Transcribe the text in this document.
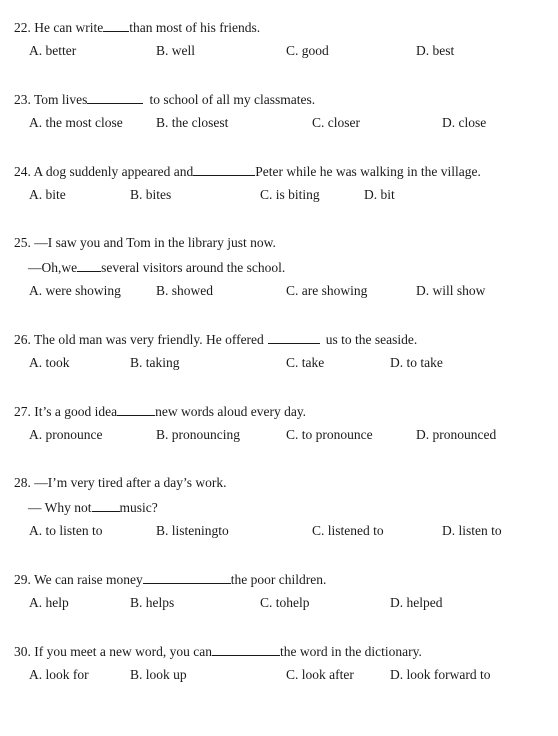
22. He can write than most of his friends.
A. better	B. well	C. good	D. best
23. Tom lives	to school of all my classmates.
A. the most close B. the closest	C. closer	D. close
24. A dog suddenly appeared and	Peter while he was walking in the village.
A. bite	B. bites	C. is biting	D. bit
25. —I saw you and Tom in the library just now.
—Oh,we several visitors around the school.
A. were showing	B. showed	C. are showing	D. will show
26. The old man was very friendly. He offered	us to the seaside.
A. took	B. taking	C. take	D. to take
27. It’s a good idea	new words aloud every day.
A. pronounce	B. pronouncing	C. to pronounce	D. pronounced
28. —I’m very tired after a day’s work.
— Why not music?
A. to listen to	B. listeningto	C. listened to	D. listen to
29. We can raise money	the poor children.
A. help	B. helps	C. tohelp	D. helped
30. If you meet a new word, you can	the word in the dictionary.
A. look for	B. look up	C. look after	D. look forward to
